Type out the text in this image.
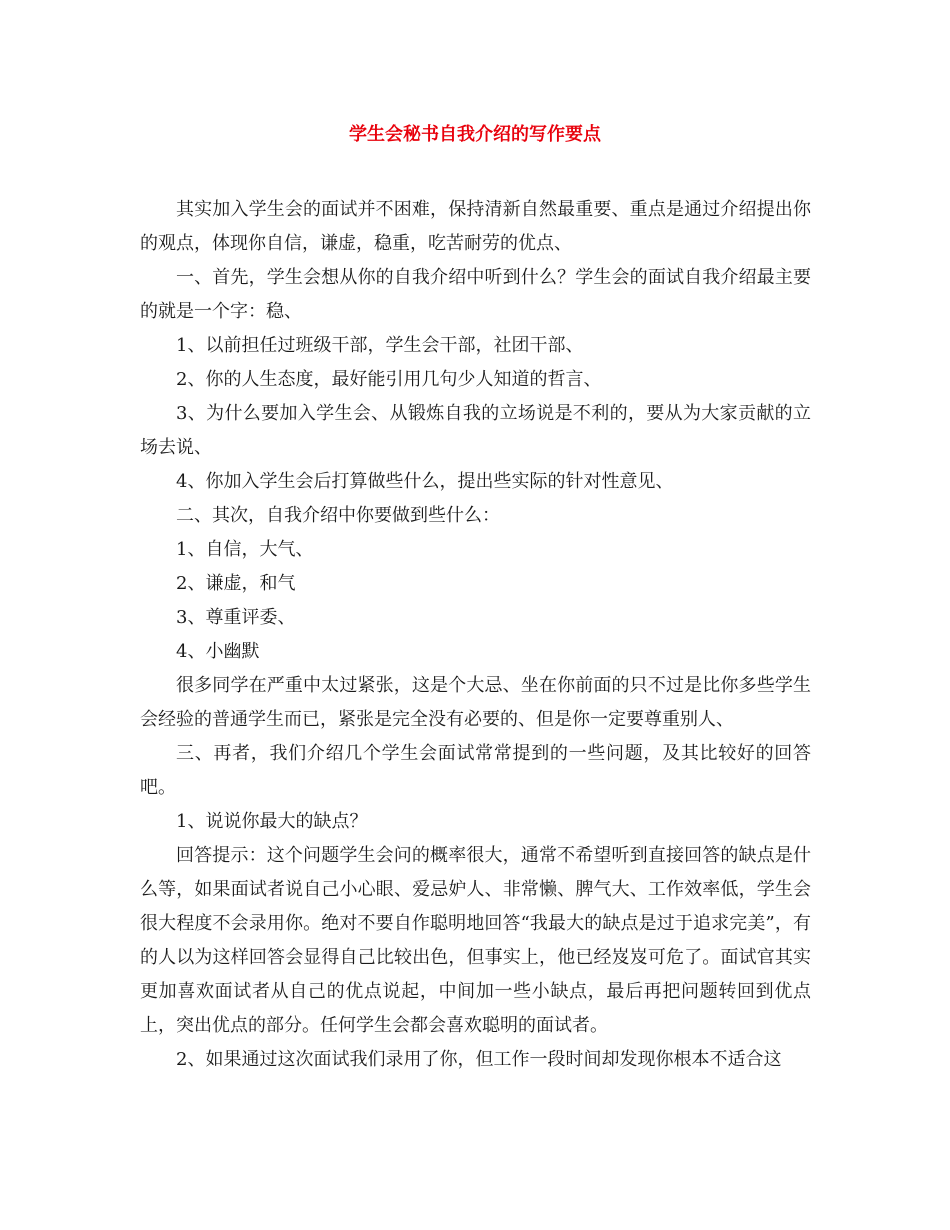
学生会秘书自我介绍的写作要点

其实加入学生会的面试并不困难，保持清新自然最重要、重点是通过介绍提出你的观点，体现你自信，谦虚，稳重，吃苦耐劳的优点、

一、首先，学生会想从你的自我介绍中听到什么？学生会的面试自我介绍最主要的就是一个字：稳、

1、以前担任过班级干部，学生会干部，社团干部、

2、你的人生态度，最好能引用几句少人知道的哲言、

3、为什么要加入学生会、从锻炼自我的立场说是不利的，要从为大家贡献的立场去说、

4、你加入学生会后打算做些什么，提出些实际的针对性意见、

二、其次，自我介绍中你要做到些什么：

1、自信，大气、

2、谦虚，和气

3、尊重评委、

4、小幽默

很多同学在严重中太过紧张，这是个大忌、坐在你前面的只不过是比你多些学生会经验的普通学生而已，紧张是完全没有必要的、但是你一定要尊重别人、

三、再者，我们介绍几个学生会面试常常提到的一些问题，及其比较好的回答吧。

1、说说你最大的缺点？

回答提示：这个问题学生会问的概率很大，通常不希望听到直接回答的缺点是什么等，如果面试者说自己小心眼、爱忌妒人、非常懒、脾气大、工作效率低，学生会很大程度不会录用你。绝对不要自作聪明地回答“我最大的缺点是过于追求完美”，有的人以为这样回答会显得自己比较出色，但事实上，他已经岌岌可危了。面试官其实更加喜欢面试者从自己的优点说起，中间加一些小缺点，最后再把问题转回到优点上，突出优点的部分。任何学生会都会喜欢聪明的面试者。

2、如果通过这次面试我们录用了你，但工作一段时间却发现你根本不适合这
